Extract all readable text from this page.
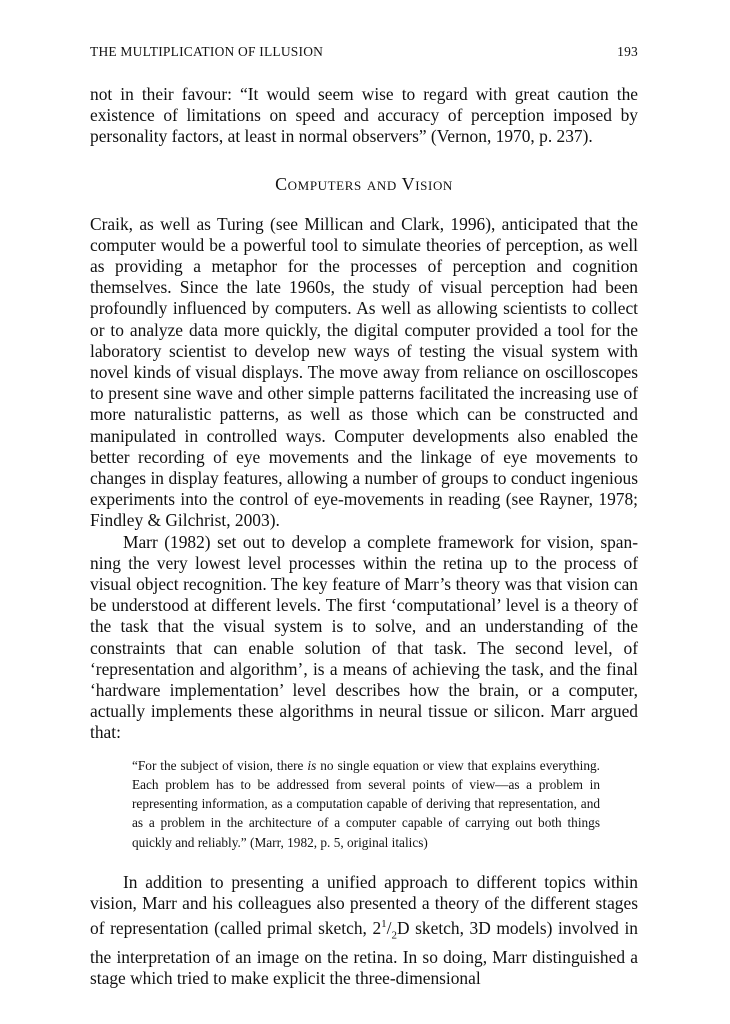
THE MULTIPLICATION OF ILLUSION	193

not in their favour: “It would seem wise to regard with great caution the existence of limitations on speed and accuracy of perception imposed by personality factors, at least in normal observers” (Vernon, 1970, p. 237).

Computers and Vision

Craik, as well as Turing (see Millican and Clark, 1996), anticipated that the computer would be a powerful tool to simulate theories of perception, as well as providing a metaphor for the processes of perception and cognition themselves. Since the late 1960s, the study of visual perception had been profoundly influenced by computers. As well as allowing scientists to collect or to analyze data more quickly, the digital computer provided a tool for the laboratory scientist to develop new ways of testing the visual system with novel kinds of visual displays. The move away from reliance on oscilloscopes to present sine wave and other simple patterns facilitated the increasing use of more naturalistic patterns, as well as those which can be constructed and manipulated in controlled ways. Computer developments also enabled the better recording of eye movements and the linkage of eye movements to changes in display features, allowing a number of groups to conduct ingenious experiments into the control of eye-movements in reading (see Rayner, 1978; Findley & Gilchrist, 2003).

Marr (1982) set out to develop a complete framework for vision, spanning the very lowest level processes within the retina up to the process of visual object recognition. The key feature of Marr’s theory was that vision can be understood at different levels. The first ‘computational’ level is a theory of the task that the visual system is to solve, and an understanding of the constraints that can enable solution of that task. The second level, of ‘representation and algorithm’, is a means of achieving the task, and the final ‘hardware implementation’ level describes how the brain, or a computer, actually implements these algorithms in neural tissue or silicon. Marr argued that:

“For the subject of vision, there is no single equation or view that explains everything. Each problem has to be addressed from several points of view—as a problem in representing information, as a computation capable of deriving that representation, and as a problem in the architecture of a computer capable of carrying out both things quickly and reliably.” (Marr, 1982, p. 5, original italics)

In addition to presenting a unified approach to different topics within vision, Marr and his colleagues also presented a theory of the different stages of representation (called primal sketch, $2^1/_2D$ sketch, 3D models) involved in the interpretation of an image on the retina. In so doing, Marr distinguished a stage which tried to make explicit the three-dimensional
